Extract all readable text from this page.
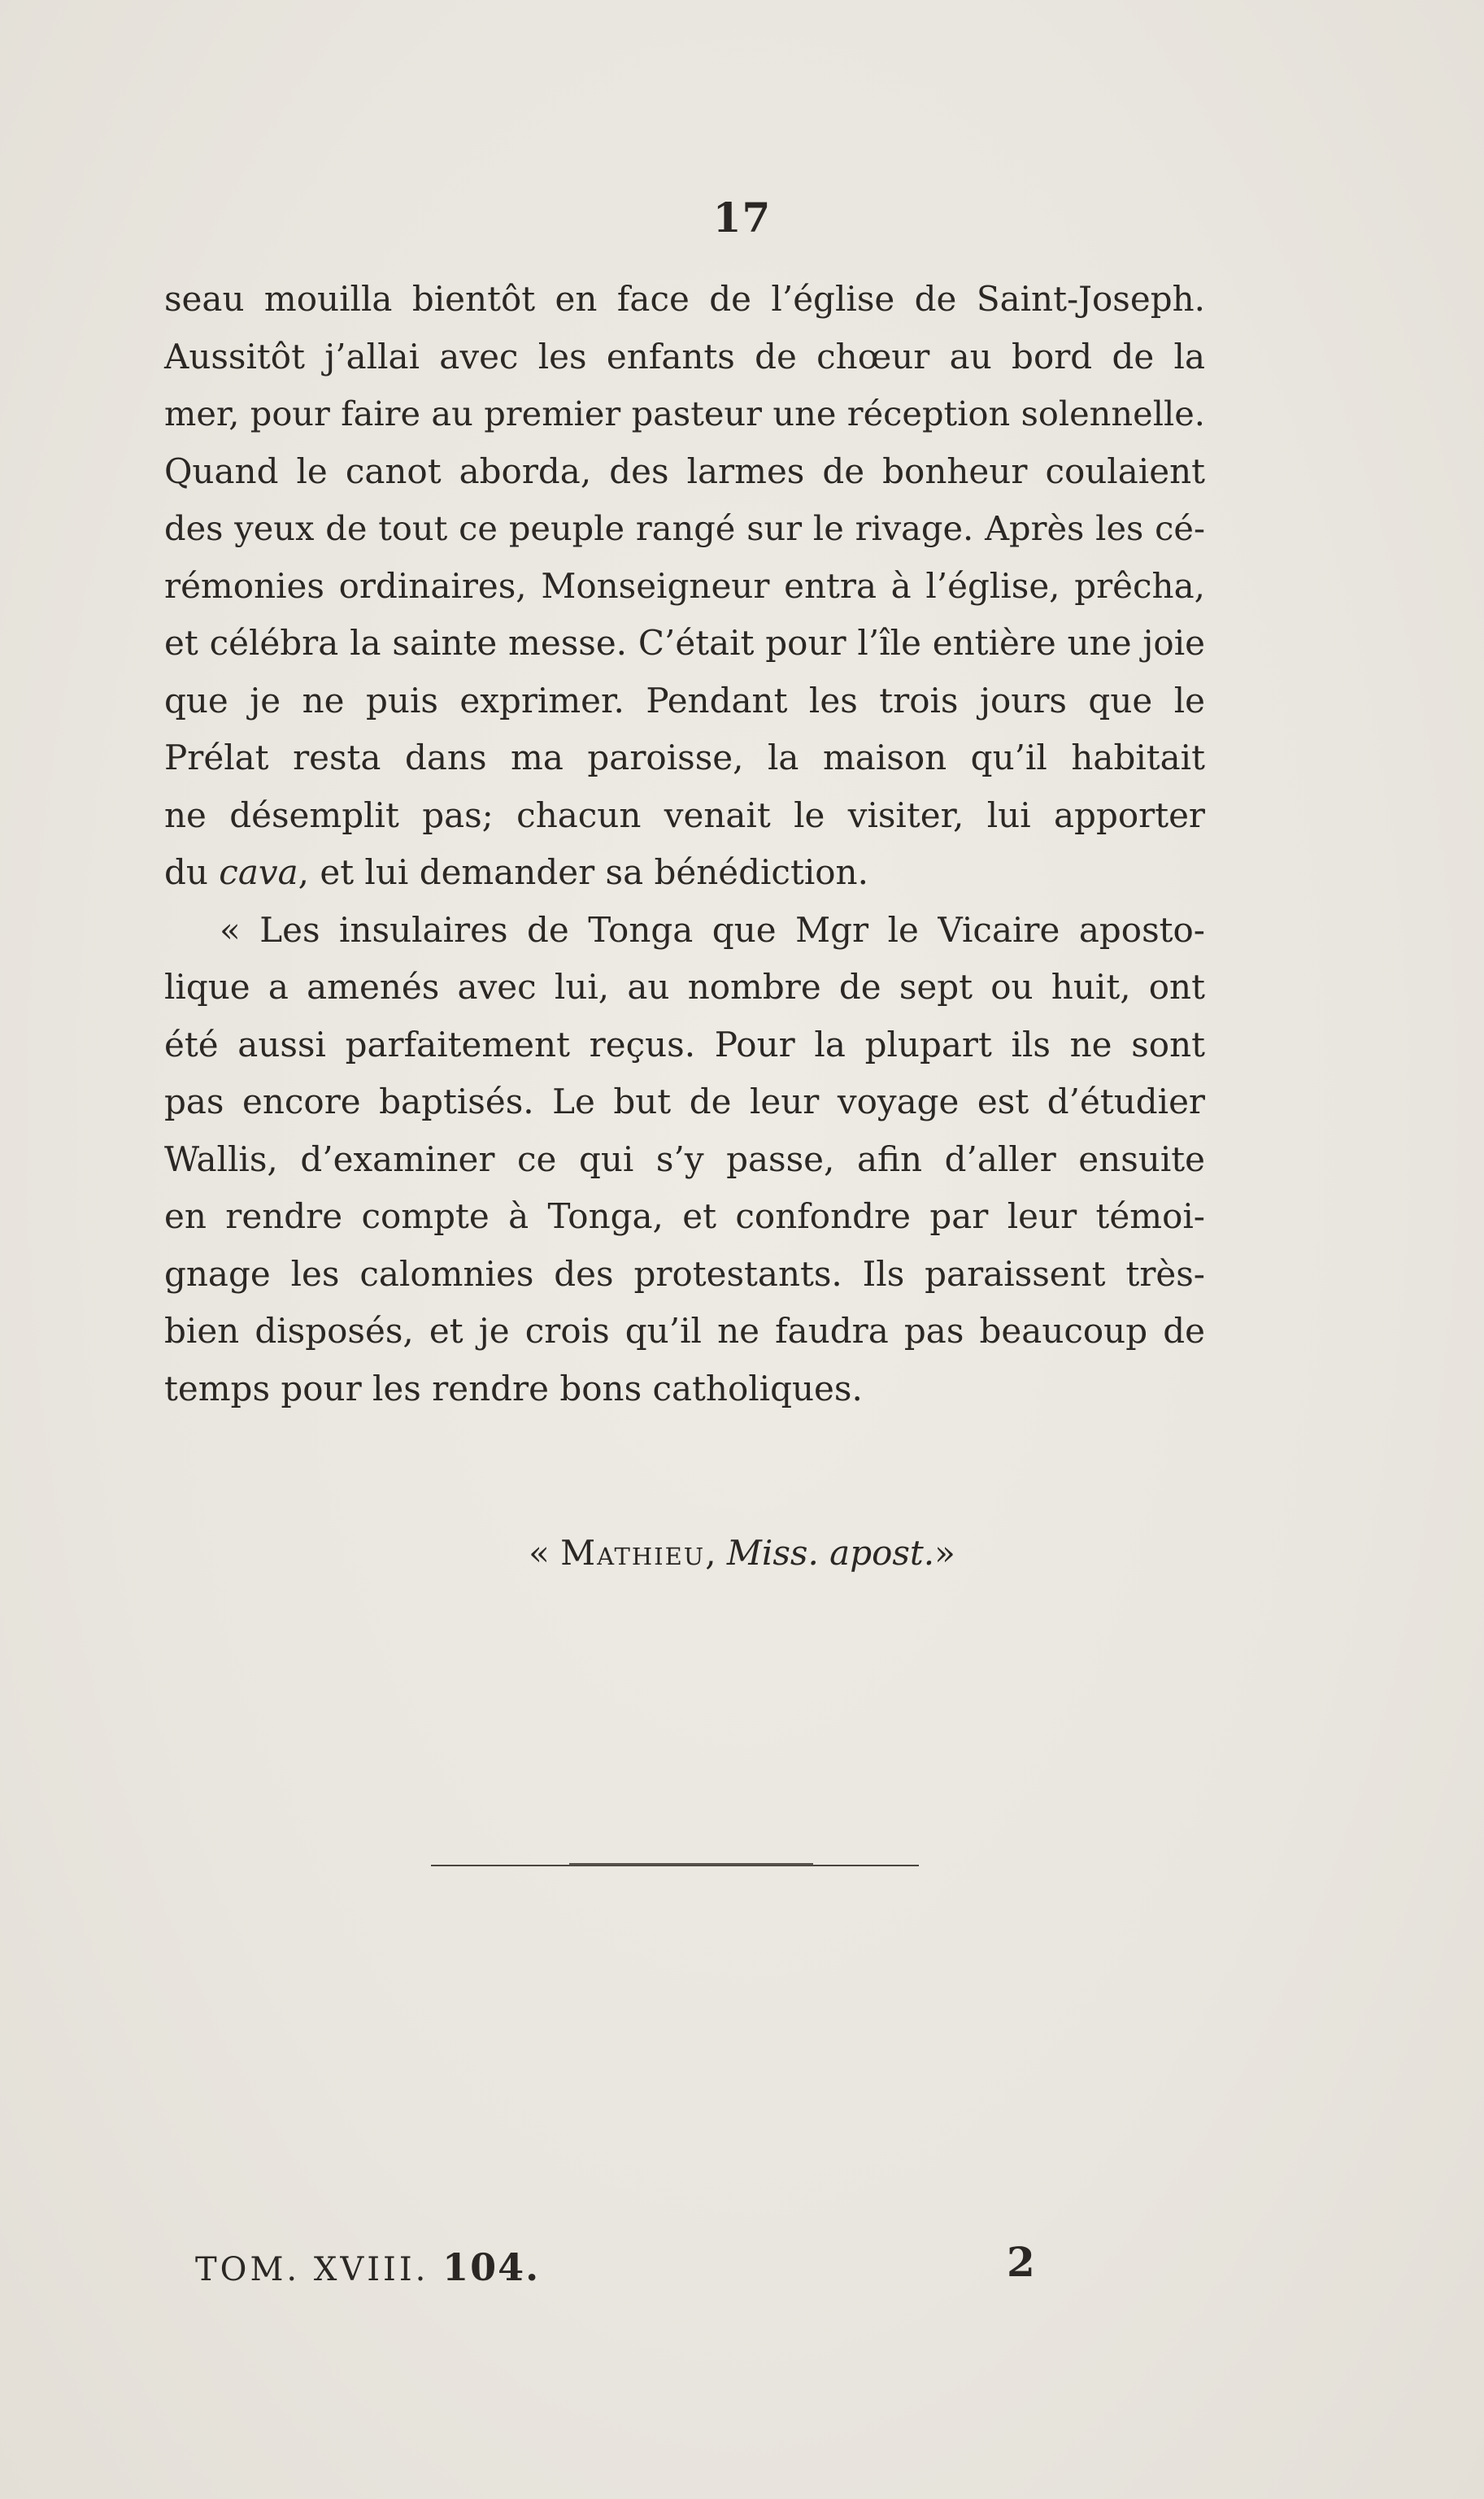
17
seau mouilla bientôt en face de l’église de Saint-Joseph.
Aussitôt j’allai avec les enfants de chœur au bord de la
mer, pour faire au premier pasteur une réception solennelle.
Quand le canot aborda, des larmes de bonheur coulaient
des yeux de tout ce peuple rangé sur le rivage. Après les cé-
rémonies ordinaires, Monseigneur entra à l’église, prêcha,
et célébra la sainte messe. C’était pour l’île entière une joie
que je ne puis exprimer. Pendant les trois jours que le
Prélat resta dans ma paroisse, la maison qu’il habitait
ne désemplit pas; chacun venait le visiter, lui apporter
du cava, et lui demander sa bénédiction.
« Les insulaires de Tonga que Mgr le Vicaire aposto-
lique a amenés avec lui, au nombre de sept ou huit, ont
été aussi parfaitement reçus. Pour la plupart ils ne sont
pas encore baptisés. Le but de leur voyage est d’étudier
Wallis, d’examiner ce qui s’y passe, afin d’aller ensuite
en rendre compte à Tonga, et confondre par leur témoi-
gnage les calomnies des protestants. Ils paraissent très-
bien disposés, et je crois qu’il ne faudra pas beaucoup de
temps pour les rendre bons catholiques.
« Mathieu, Miss. apost.»
TOM. XVIII. 104.	2
